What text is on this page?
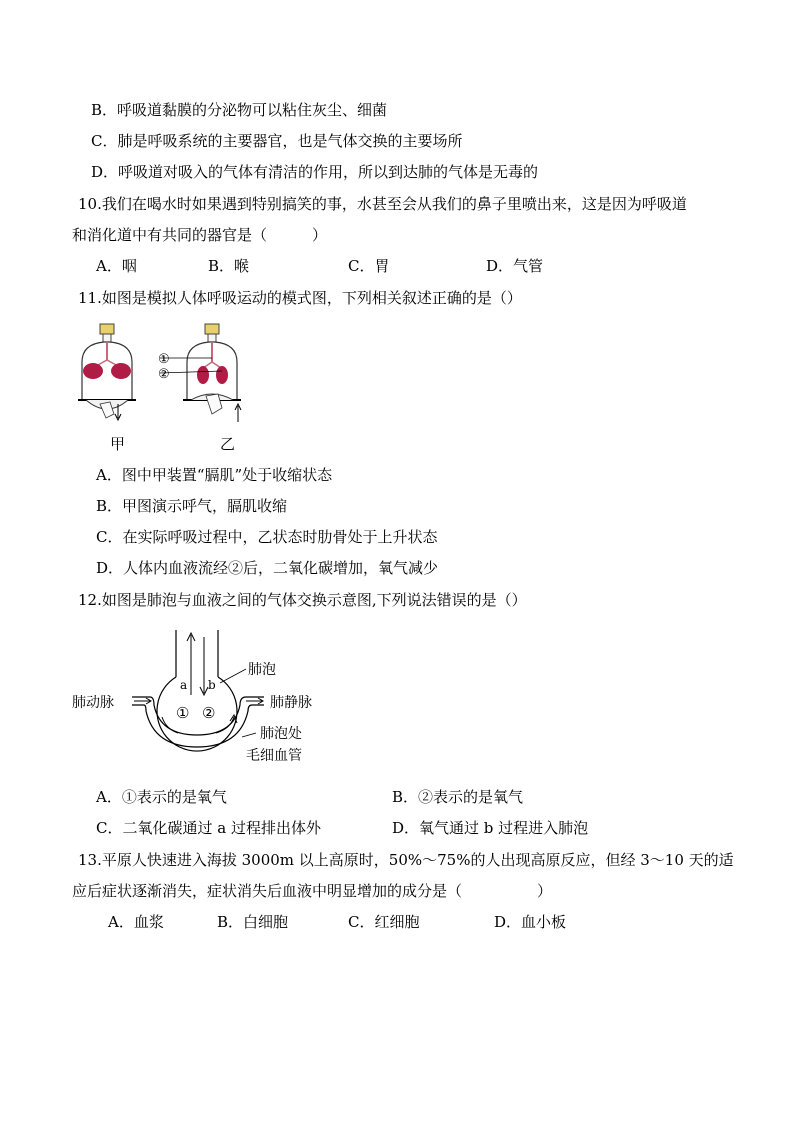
B．呼吸道黏膜的分泌物可以粘住灰尘、细菌
C．肺是呼吸系统的主要器官，也是气体交换的主要场所
D．呼吸道对吸入的气体有清洁的作用，所以到达肺的气体是无毒的
10.我们在喝水时如果遇到特别搞笑的事，水甚至会从我们的鼻子里喷出来，这是因为呼吸道
和消化道中有共同的器官是（　　　）
A．咽	B．喉	C．胃	D．气管
11.如图是模拟人体呼吸运动的模式图，下列相关叙述正确的是（）
①
②
甲	乙
A．图中甲装置“膈肌”处于收缩状态
B．甲图演示呼气，膈肌收缩
C．在实际呼吸过程中，乙状态时肋骨处于上升状态
D．人体内血液流经②后，二氧化碳增加，氧气减少
12.如图是肺泡与血液之间的气体交换示意图,下列说法错误的是（）
a b
① ②
肺泡
肺动脉	肺静脉
肺泡处
毛细血管
A．①表示的是氧气	B．②表示的是氧气
C．二氧化碳通过 a 过程排出体外	D．氧气通过 b 过程进入肺泡
13.平原人快速进入海拔 3000m 以上高原时，50%～75%的人出现高原反应，但经 3～10 天的适
应后症状逐渐消失，症状消失后血液中明显增加的成分是（　　　　　）
A．血浆	B．白细胞	C．红细胞	D．血小板
